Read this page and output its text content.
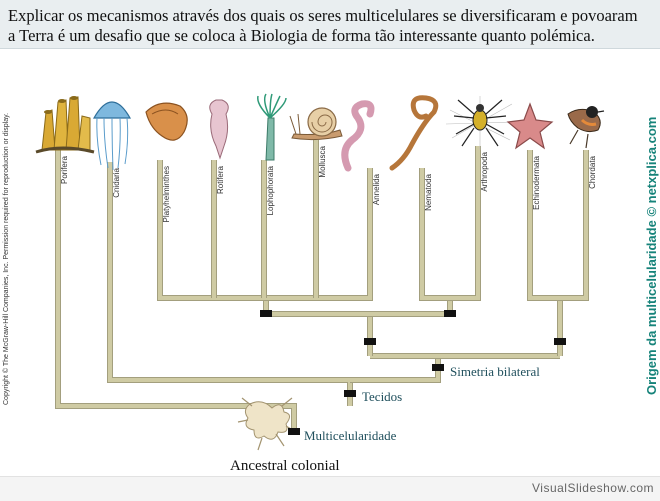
Explicar os mecanismos através dos quais os seres multicelulares se diversificaram e povoaram a Terra é um desafio que se coloca à Biologia de forma tão interessante quanto polémica.
Copyright © The McGraw-Hill Companies, Inc. Permission required for reproduction or display.	Origem da multicelularidade © netxplica.com
Porifera	Cnidaria	Platyhelminthes	Rotifera	Lophophorata
Mollusca
Annelida	Nematoda
Arthropoda	Echinodermata	Chordata
Simetria bilateral
Tecidos
Multicelularidade
Ancestral colonial
VisualSlideshow.com
